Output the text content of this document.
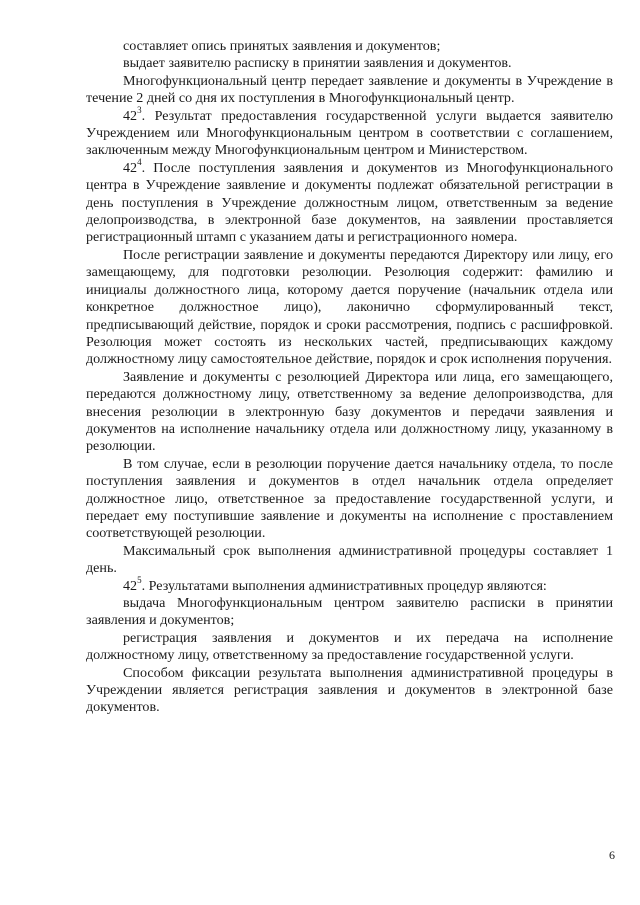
составляет опись принятых заявления и документов;

выдает заявителю расписку в принятии заявления и документов.

Многофункциональный центр передает заявление и документы в Учреждение в течение 2 дней со дня их поступления в Многофункциональный центр.

$42^3$. Результат предоставления государственной услуги выдается заявителю Учреждением или Многофункциональным центром в соответствии с соглашением, заключенным между Многофункциональным центром и Министерством.

$42^4$. После поступления заявления и документов из Многофункционального центра в Учреждение заявление и документы подлежат обязательной регистрации в день поступления в Учреждение должностным лицом, ответственным за ведение делопроизводства, в электронной базе документов, на заявлении проставляется регистрационный штамп с указанием даты и регистрационного номера.

После регистрации заявление и документы передаются Директору или лицу, его замещающему, для подготовки резолюции. Резолюция содержит: фамилию и инициалы должностного лица, которому дается поручение (начальник отдела или конкретное должностное лицо), лаконично сформулированный текст, предписывающий действие, порядок и сроки рассмотрения, подпись с расшифровкой. Резолюция может состоять из нескольких частей, предписывающих каждому должностному лицу самостоятельное действие, порядок и срок исполнения поручения.

Заявление и документы с резолюцией Директора или лица, его замещающего, передаются должностному лицу, ответственному за ведение делопроизводства, для внесения резолюции в электронную базу документов и передачи заявления и документов на исполнение начальнику отдела или должностному лицу, указанному в резолюции.

В том случае, если в резолюции поручение дается начальнику отдела, то после поступления заявления и документов в отдел начальник отдела определяет должностное лицо, ответственное за предоставление государственной услуги, и передает ему поступившие заявление и документы на исполнение с проставлением соответствующей резолюции.

Максимальный срок выполнения административной процедуры составляет 1 день.

$42^5$. Результатами выполнения административных процедур являются:

выдача Многофункциональным центром заявителю расписки в принятии заявления и документов;

регистрация заявления и документов и их передача на исполнение должностному лицу, ответственному за предоставление государственной услуги.

Способом фиксации результата выполнения административной процедуры в Учреждении является регистрация заявления и документов в электронной базе документов.

6
